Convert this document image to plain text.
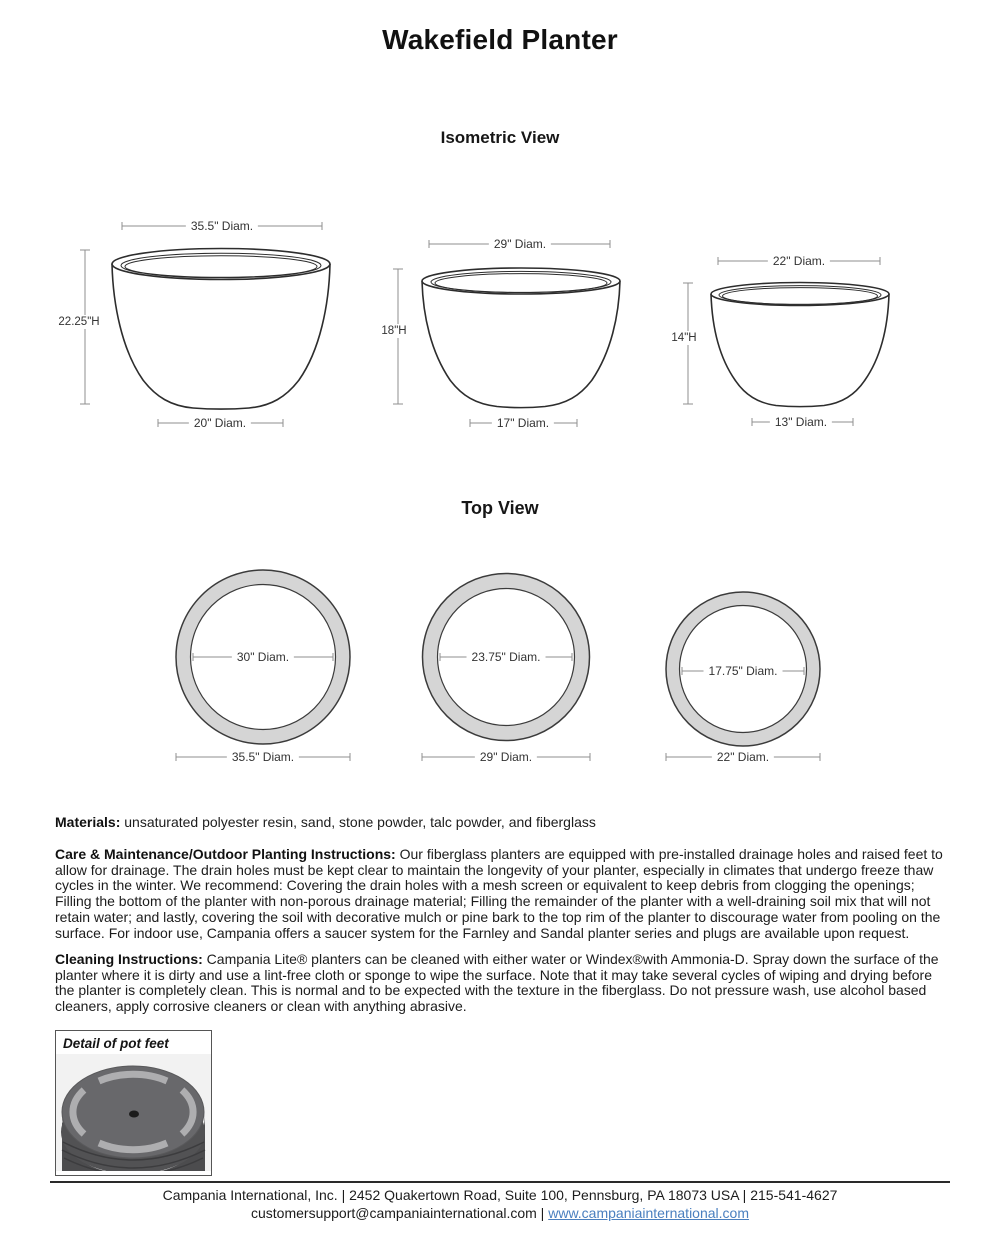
Wakefield Planter
Isometric View
Top View
35.5" Diam.
22.25"H
20" Diam.
29" Diam.
18"H
17" Diam.
22" Diam.
14"H
13" Diam.
30" Diam.
35.5" Diam.
23.75" Diam.
29" Diam.
17.75" Diam.
22" Diam.

Materials: unsaturated polyester resin, sand, stone powder, talc powder, and fiberglass

Care & Maintenance/Outdoor Planting Instructions: Our fiberglass planters are equipped with pre-installed drainage holes and raised feet to allow for drainage. The drain holes must be kept clear to maintain the longevity of your planter, especially in climates that undergo freeze thaw cycles in the winter. We recommend: Covering the drain holes with a mesh screen or equivalent to keep debris from clogging the openings; Filling the bottom of the planter with non-porous drainage material; Filling the remainder of the planter with a well-draining soil mix that will not retain water; and lastly, covering the soil with decorative mulch or pine bark to the top rim of the planter to discourage water from pooling on the surface. For indoor use, Campania offers a saucer system for the Farnley and Sandal planter series and plugs are available upon request.

Cleaning Instructions: Campania Lite® planters can be cleaned with either water or Windex®with Ammonia-D. Spray down the surface of the planter where it is dirty and use a lint-free cloth or sponge to wipe the surface. Note that it may take several cycles of wiping and drying before the planter is completely clean. This is normal and to be expected with the texture in the fiberglass. Do not pressure wash, use alcohol based cleaners, apply corrosive cleaners or clean with anything abrasive.

Detail of pot feet
Campania International, Inc. | 2452 Quakertown Road, Suite 100, Pennsburg, PA 18073 USA | 215-541-4627
customersupport@campaniainternational.com | www.campaniainternational.com
